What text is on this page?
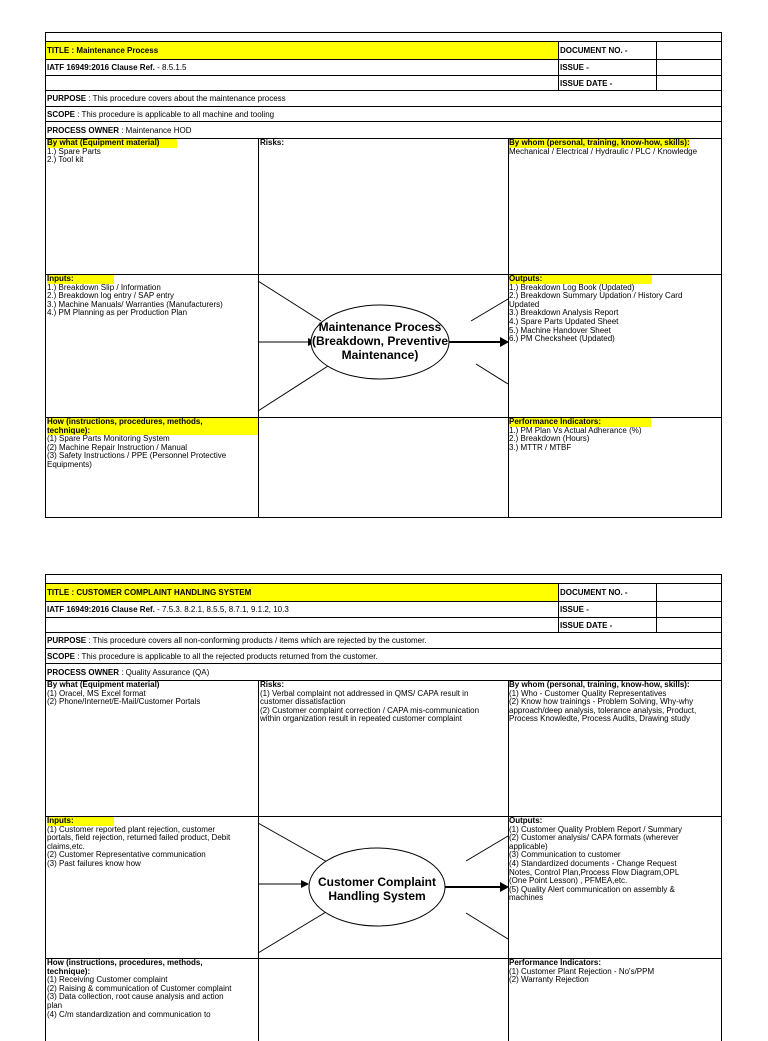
TITLE : Maintenance Process	DOCUMENT NO. -
IATF 16949:2016 Clause Ref. - 8.5.1.5	ISSUE -
ISSUE DATE -
PURPOSE : This procedure covers about the maintenance process
SCOPE : This procedure is applicable to all machine and tooling
PROCESS OWNER : Maintenance HOD
Maintenance Process
(Breakdown, Preventive
Maintenance)
By what (Equipment material)
1.) Spare Parts
2.) Tool kit
Risks:	By whom (personal, training, know-how, skills):
Mechanical / Electrical / Hydraulic / PLC / Knowledge
Inputs:
1.) Breakdown Slip / Information
2.) Breakdown log entry / SAP entry
3.) Machine Manuals/ Warranties (Manufacturers)
4.) PM Planning as per Production Plan
Outputs:
1.) Breakdown Log Book (Updated)
2.) Breakdown Summary Updation / History Card
Updated
3.) Breakdown Analysis Report
4.) Spare Parts Updated Sheet
5.) Machine Handover Sheet
6.) PM Checksheet (Updated)
How (instructions, procedures, methods,
technique):
(1) Spare Parts Monitoring System
(2) Machine Repair Instruction / Manual
(3) Safety Instructions / PPE (Personnel Protective
Equipments)
Performance Indicators:
1.) PM Plan Vs Actual Adherance (%)
2.) Breakdown (Hours)
3.) MTTR / MTBF
TITLE : CUSTOMER COMPLAINT HANDLING SYSTEM	DOCUMENT NO. -
IATF 16949:2016 Clause Ref. - 7.5.3. 8.2.1, 8.5.5, 8.7.1, 9.1.2, 10.3	ISSUE -
ISSUE DATE -
PURPOSE : This procedure covers all non-conforming products / items which are rejected by the customer.
SCOPE : This procedure is applicable to all the rejected products returned from the customer.
PROCESS OWNER : Quality Assurance (QA)
Customer Complaint
Handling System
By what (Equipment material)
(1) Oracel, MS Excel format
(2) Phone/Internet/E-Mail/Customer Portals
Risks:
(1) Verbal complaint not addressed in QMS/ CAPA result in
customer dissatisfaction
(2) Customer complaint correction / CAPA mis-communication
within organization result in repeated customer complaint
By whom (personal, training, know-how, skills):
(1) Who - Customer Quality Representatives
(2) Know how trainings - Problem Solving, Why-why
approach/deep analysis, tolerance analysis, Product,
Process Knowledte, Process Audits, Drawing study
Inputs:
(1) Customer reported plant rejection, customer
portals, field rejection, returned failed product, Debit
claims,etc.
(2) Customer Representative communication
(3) Past failures know how
Outputs:
(1) Customer Quality Problem Report / Summary
(2) Customer analysis/ CAPA formats (wherever
applicable)
(3) Communication to customer
(4) Standardized documents - Change Request
Notes, Control Plan,Process Flow Diagram,OPL
(One Point Lesson) , PFMEA,etc.
(5) Quality Alert communication on assembly &
machines
How (instructions, procedures, methods,
technique):
(1) Receiving Customer complaint
(2) Raising & communication of Customer complaint
(3) Data collection, root cause analysis and action
plan
(4) C/m standardization and communication to
Performance Indicators:
(1) Customer Plant Rejection - No's/PPM
(2) Warranty Rejection
